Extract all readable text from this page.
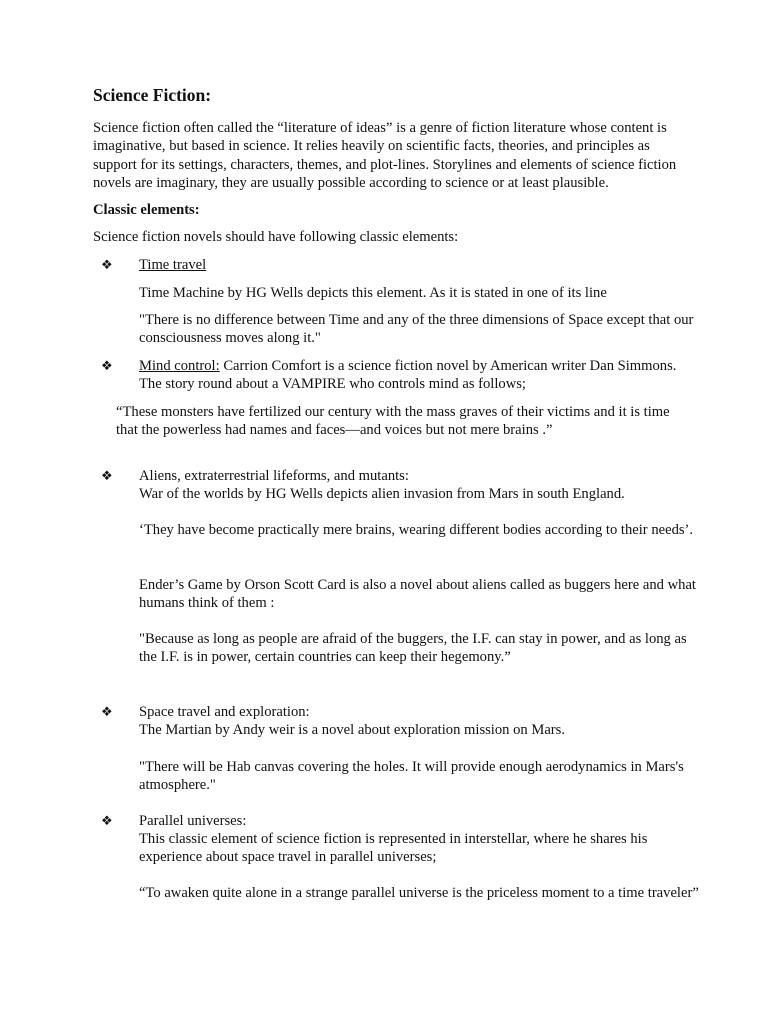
Science Fiction:
Science fiction often called the “literature of ideas” is a genre of fiction literature whose content is imaginative, but based in science. It relies heavily on scientific facts, theories, and principles as support for its settings, characters, themes, and plot-lines. Storylines and elements of science fiction novels are imaginary, they are usually possible according to science or at least plausible.
Classic elements:
Science fiction novels should have following classic elements:
❖ Time travel
Time Machine by HG Wells depicts this element. As it is stated in one of its line
"There is no difference between Time and any of the three dimensions of Space except that our consciousness moves along it."
❖ Mind control: Carrion Comfort is a science fiction novel by American writer Dan Simmons. The story round about a VAMPIRE who controls mind as follows;
“These monsters have fertilized our century with the mass graves of their victims and it is time that the powerless had names and faces—and voices but not mere brains .”
❖ Aliens, extraterrestrial lifeforms, and mutants:
War of the worlds by HG Wells depicts alien invasion from Mars in south England.
‘They have become practically mere brains, wearing different bodies according to their needs’.
Ender’s Game by Orson Scott Card is also a novel about aliens called as buggers here and what humans think of them :
"Because as long as people are afraid of the buggers, the I.F. can stay in power, and as long as the I.F. is in power, certain countries can keep their hegemony.”
❖ Space travel and exploration:
The Martian by Andy weir is a novel about exploration mission on Mars.
"There will be Hab canvas covering the holes. It will provide enough aerodynamics in Mars's atmosphere."
❖ Parallel universes:
This classic element of science fiction is represented in interstellar, where he shares his experience about space travel in parallel universes;
“To awaken quite alone in a strange parallel universe is the priceless moment to a time traveler”
